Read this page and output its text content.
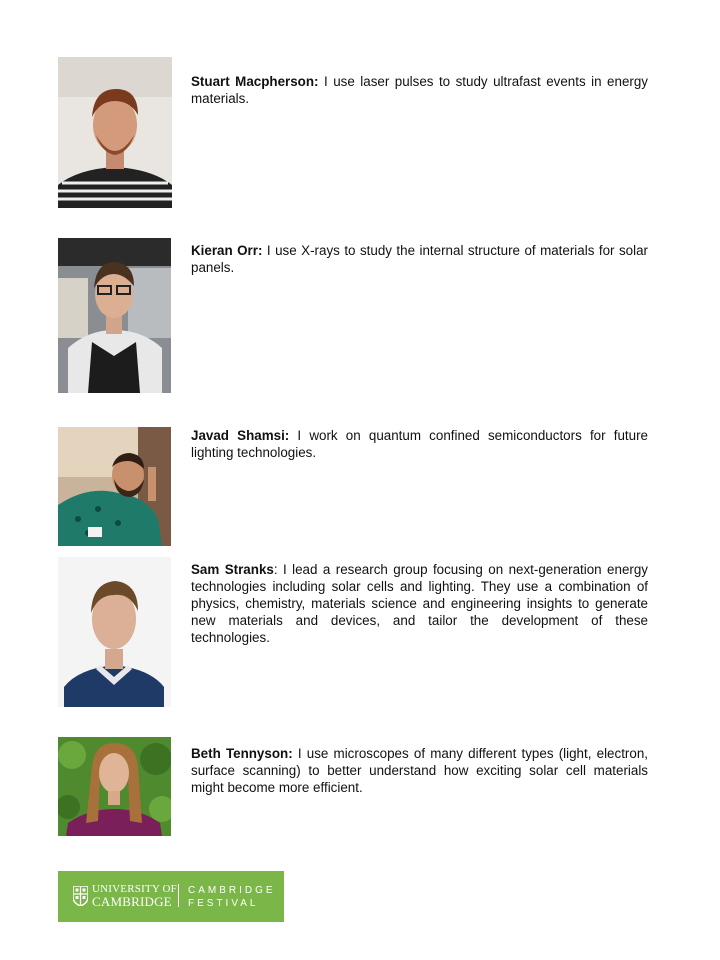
Stuart Macpherson: I use laser pulses to study ultrafast events in energy materials.

Kieran Orr: I use X-rays to study the internal structure of materials for solar panels.

Javad Shamsi: I work on quantum confined semiconductors for future lighting technologies.

Sam Stranks: I lead a research group focusing on next-generation energy technologies including solar cells and lighting. They use a combination of physics, chemistry, materials science and engineering insights to generate new materials and devices, and tailor the development of these technologies.

Beth Tennyson: I use microscopes of many different types (light, electron, surface scanning) to better understand how exciting solar cell materials might become more efficient.

UNIVERSITY OF
CAMBRIDGE
CAMBRIDGE
FESTIVAL
